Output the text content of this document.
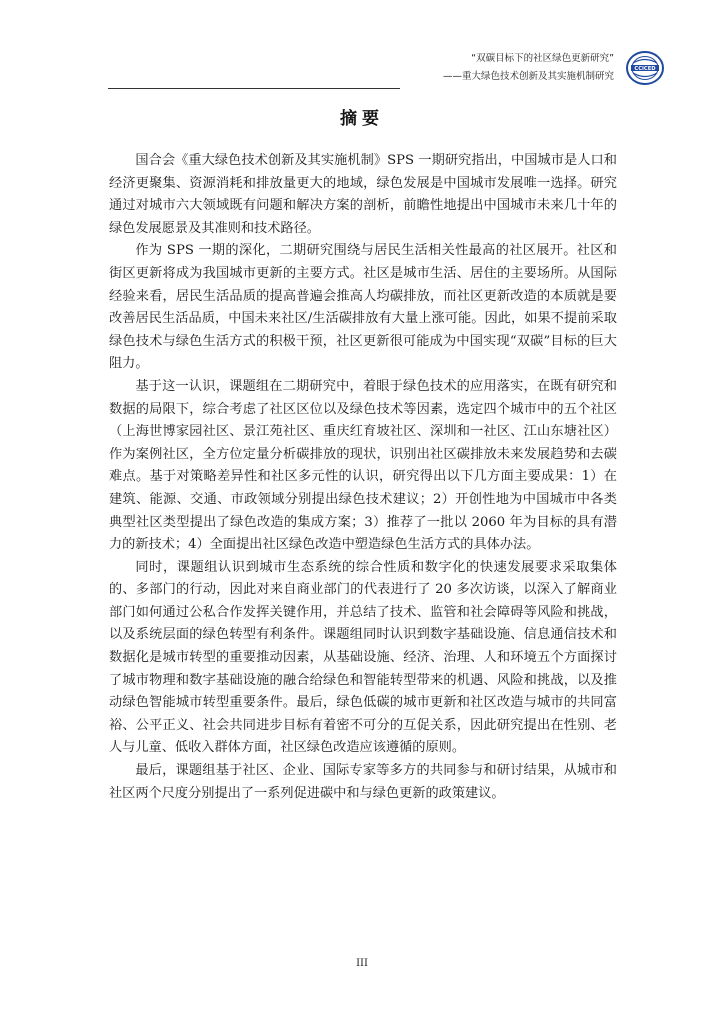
“双碳目标下的社区绿色更新研究”
——重大绿色技术创新及其实施机制研究
CCICED
摘要

国合会《重大绿色技术创新及其实施机制》SPS 一期研究指出，中国城市是人口和经济更聚集、资源消耗和排放量更大的地域，绿色发展是中国城市发展唯一选择。研究通过对城市六大领域既有问题和解决方案的剖析，前瞻性地提出中国城市未来几十年的绿色发展愿景及其准则和技术路径。

作为 SPS 一期的深化，二期研究围绕与居民生活相关性最高的社区展开。社区和街区更新将成为我国城市更新的主要方式。社区是城市生活、居住的主要场所。从国际经验来看，居民生活品质的提高普遍会推高人均碳排放，而社区更新改造的本质就是要改善居民生活品质，中国未来社区/生活碳排放有大量上涨可能。因此，如果不提前采取绿色技术与绿色生活方式的积极干预，社区更新很可能成为中国实现“双碳”目标的巨大阻力。

基于这一认识，课题组在二期研究中，着眼于绿色技术的应用落实，在既有研究和数据的局限下，综合考虑了社区区位以及绿色技术等因素，选定四个城市中的五个社区（上海世博家园社区、景江苑社区、重庆红育坡社区、深圳和一社区、江山东塘社区）作为案例社区，全方位定量分析碳排放的现状，识别出社区碳排放未来发展趋势和去碳难点。基于对策略差异性和社区多元性的认识，研究得出以下几方面主要成果：1）在建筑、能源、交通、市政领域分别提出绿色技术建议；2）开创性地为中国城市中各类典型社区类型提出了绿色改造的集成方案；3）推荐了一批以 2060 年为目标的具有潜力的新技术；4）全面提出社区绿色改造中塑造绿色生活方式的具体办法。

同时，课题组认识到城市生态系统的综合性质和数字化的快速发展要求采取集体的、多部门的行动，因此对来自商业部门的代表进行了 20 多次访谈，以深入了解商业部门如何通过公私合作发挥关键作用，并总结了技术、监管和社会障碍等风险和挑战，以及系统层面的绿色转型有利条件。课题组同时认识到数字基础设施、信息通信技术和数据化是城市转型的重要推动因素，从基础设施、经济、治理、人和环境五个方面探讨了城市物理和数字基础设施的融合给绿色和智能转型带来的机遇、风险和挑战，以及推动绿色智能城市转型重要条件。最后，绿色低碳的城市更新和社区改造与城市的共同富裕、公平正义、社会共同进步目标有着密不可分的互促关系，因此研究提出在性别、老人与儿童、低收入群体方面，社区绿色改造应该遵循的原则。

最后，课题组基于社区、企业、国际专家等多方的共同参与和研讨结果，从城市和社区两个尺度分别提出了一系列促进碳中和与绿色更新的政策建议。

III
